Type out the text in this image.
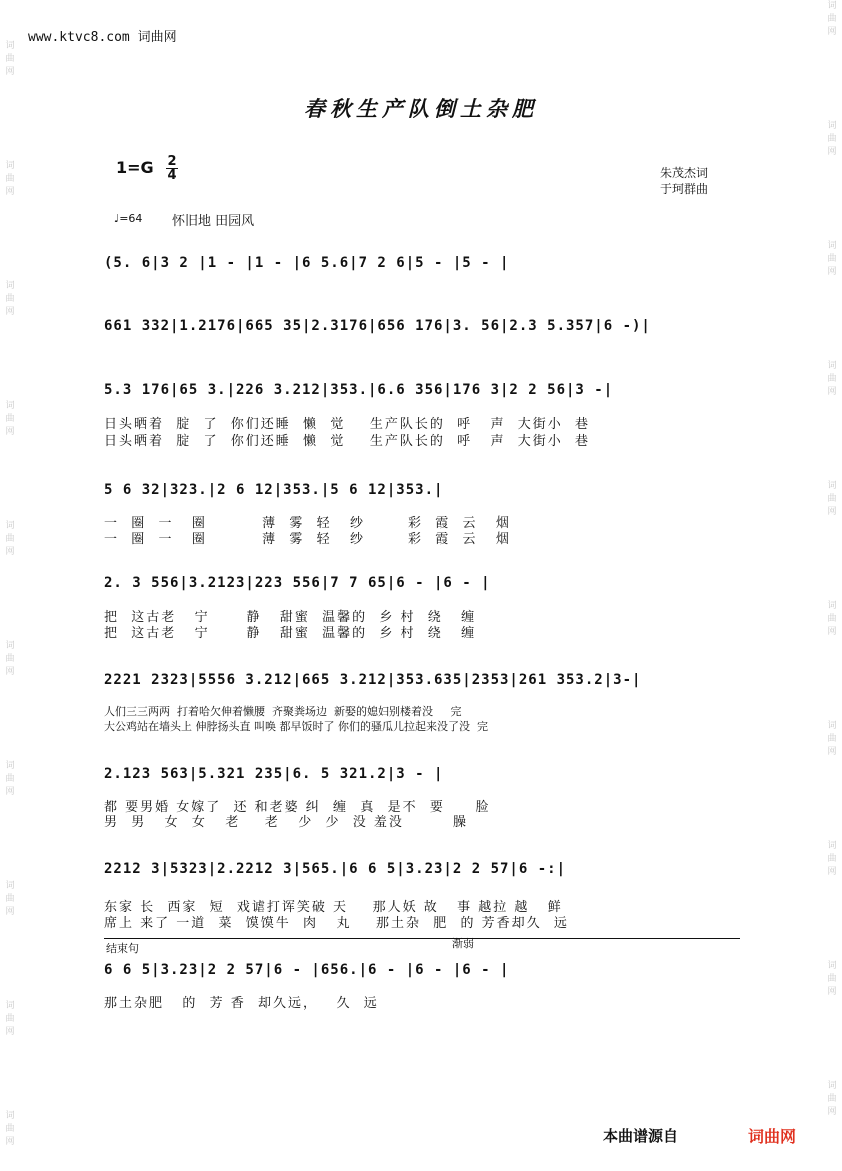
词曲网
词曲网
词曲网
词曲网
词曲网
词曲网
词曲网
词曲网
词曲网
词曲网
词曲网
词曲网
词曲网
词曲网
词曲网
词曲网
词曲网
词曲网
词曲网
词曲网
www.ktvc8.com 词曲网
春秋生产队倒土杂肥
1=G 2
4	朱茂杰词
于珂群曲
♩=64 怀旧地 田园风
(5. 6|3 2 |1 - |1 - |6 5.6|7 2 6|5 - |5 - |
661 332|1.2176|665 35|2.3176|656 176|3. 56|2.3 5.357|6 -)|
5.3 176|65 3.|226 3.212|353.|6.6 356|176 3|2 2 56|3 -|
日头晒着  腚  了  你们还睡  懒  觉    生产队长的  呼   声  大街小  巷
日头晒着  腚  了  你们还睡  懒  觉    生产队长的  呼   声  大街小  巷
5 6 32|323.|2 6 12|353.|5 6 12|353.|
一  圈  一   圈         薄  雾  轻   纱       彩  霞  云   烟
一  圈  一   圈         薄  雾  轻   纱       彩  霞  云   烟
2. 3 556|3.2123|223 556|7 7 65|6 - |6 - |
把  这古老   宁      静   甜蜜  温馨的  乡 村  绕   缠
把  这古老   宁      静   甜蜜  温馨的  乡 村  绕   缠
2221 2323|5556 3.212|665 3.212|353.635|2353|261 353.2|3-|
人们三三两两  打着哈欠伸着懒腰  齐聚粪场边  新娶的媳妇别楼着没     完
大公鸡站在墙头上 伸脖扬头直 叫唤 都早饭时了 你们的骚瓜儿拉起来没了没  完
2.123 563|5.321 235|6. 5 321.2|3 - |
都 要男婚 女嫁了  还 和老婆 纠  缠  真  是不  要     脸
男  男   女  女   老    老   少  少  没 羞没        臊
2212 3|5323|2.2212 3|565.|6 6 5|3.23|2 2 57|6 -:|
东家 长  西家  短  戏谑打诨笑破 天    那人妖 故   事 越拉 越   鲜
席上 来了 一道  菜  馍馍牛  肉   丸    那土杂  肥  的 芳香却久  远
结束句	渐弱
6 6 5|3.23|2 2 57|6 - |656.|6 - |6 - |6 - |
那土杂肥   的  芳 香  却久远，   久  远
本曲谱源自	词曲网
